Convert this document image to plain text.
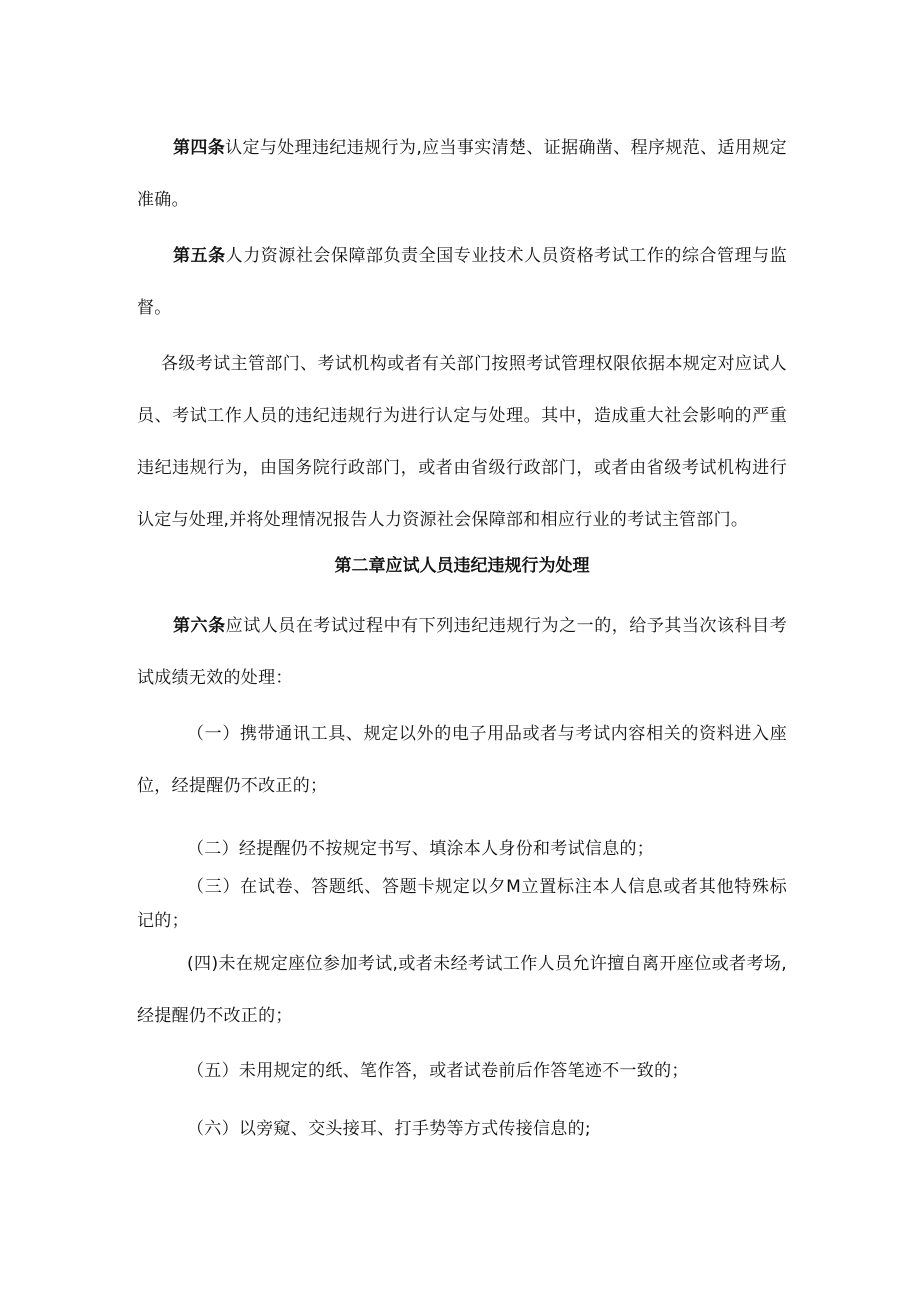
第四条认定与处理违纪违规行为,应当事实清楚、证据确凿、程序规范、适用规定准确。

第五条人力资源社会保障部负责全国专业技术人员资格考试工作的综合管理与监督。

各级考试主管部门、考试机构或者有关部门按照考试管理权限依据本规定对应试人员、考试工作人员的违纪违规行为进行认定与处理。其中，造成重大社会影响的严重违纪违规行为，由国务院行政部门，或者由省级行政部门，或者由省级考试机构进行认定与处理,并将处理情况报告人力资源社会保障部和相应行业的考试主管部门。

第二章应试人员违纪违规行为处理

第六条应试人员在考试过程中有下列违纪违规行为之一的，给予其当次该科目考试成绩无效的处理：

（一）携带通讯工具、规定以外的电子用品或者与考试内容相关的资料进入座位，经提醒仍不改正的；

（二）经提醒仍不按规定书写、填涂本人身份和考试信息的；

（三）在试卷、答题纸、答题卡规定以夕M立置标注本人信息或者其他特殊标记的；

(四)未在规定座位参加考试,或者未经考试工作人员允许擅自离开座位或者考场,经提醒仍不改正的；

（五）未用规定的纸、笔作答，或者试卷前后作答笔迹不一致的；

（六）以旁窥、交头接耳、打手势等方式传接信息的;
